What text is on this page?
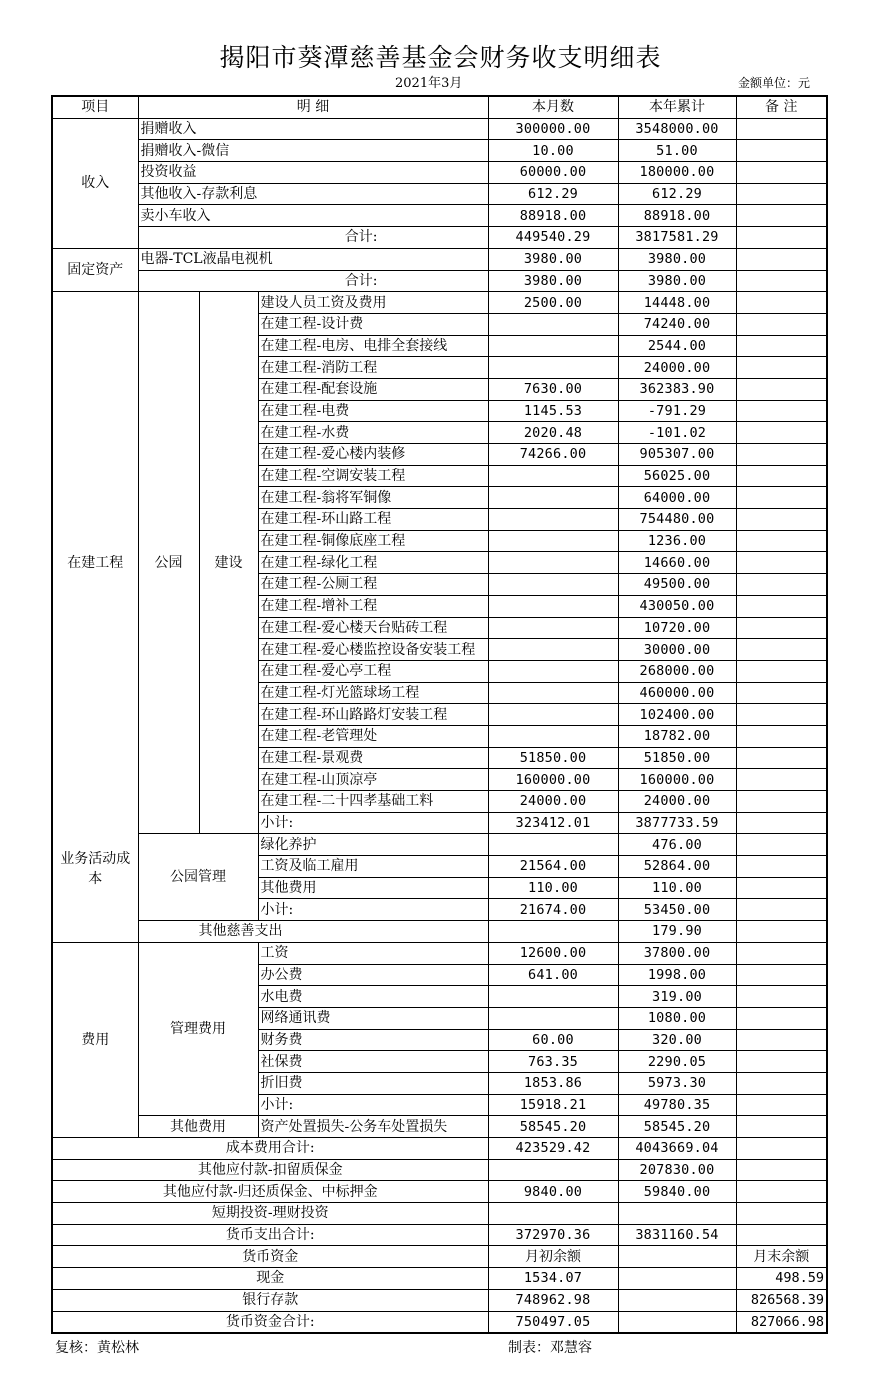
揭阳市葵潭慈善基金会财务收支明细表
2021年3月	金额单位：元
项目	明 细			本月数	本年累计	备 注
收入	捐赠收入			300000.00	3548000.00	
	捐赠收入-微信			10.00	51.00	
	投资收益			60000.00	180000.00	
	其他收入-存款利息			612.29	612.29	
	卖小车收入			88918.00	88918.00	
	合计:			449540.29	3817581.29	
固定资产	电器-TCL液晶电视机			3980.00	3980.00	
	合计:			3980.00	3980.00	
在建工程	公园	建设	建设人员工资及费用	2500.00	14448.00	
			在建工程-设计费		74240.00	
			在建工程-电房、电排全套接线		2544.00	
			在建工程-消防工程		24000.00	
			在建工程-配套设施	7630.00	362383.90	
			在建工程-电费	1145.53	-791.29	
			在建工程-水费	2020.48	-101.02	
			在建工程-爱心楼内装修	74266.00	905307.00	
			在建工程-空调安装工程		56025.00	
			在建工程-翁将军铜像		64000.00	
			在建工程-环山路工程		754480.00	
			在建工程-铜像底座工程		1236.00	
			在建工程-绿化工程		14660.00	
			在建工程-公厕工程		49500.00	
			在建工程-增补工程		430050.00	
			在建工程-爱心楼天台贴砖工程		10720.00	
			在建工程-爱心楼监控设备安装工程		30000.00	
			在建工程-爱心亭工程		268000.00	
			在建工程-灯光篮球场工程		460000.00	
			在建工程-环山路路灯安装工程		102400.00	
			在建工程-老管理处		18782.00	
			在建工程-景观费	51850.00	51850.00	
			在建工程-山顶凉亭	160000.00	160000.00	
			在建工程-二十四孝基础工料	24000.00	24000.00	
			小计:	323412.01	3877733.59	
业务活动成本	公园管理		绿化养护		476.00	
			工资及临工雇用	21564.00	52864.00	
			其他费用	110.00	110.00	
			小计:	21674.00	53450.00	
	其他慈善支出				179.90	
费用	管理费用		工资	12600.00	37800.00	
			办公费	641.00	1998.00	
			水电费		319.00	
			网络通讯费		1080.00	
			财务费	60.00	320.00	
			社保费	763.35	2290.05	
			折旧费	1853.86	5973.30	
			小计:	15918.21	49780.35	
	其他费用		资产处置损失-公务车处置损失	58545.20	58545.20	
成本费用合计:				423529.42	4043669.04	
其他应付款-扣留质保金					207830.00	
其他应付款-归还质保金、中标押金				9840.00	59840.00	
短期投资-理财投资						
货币支出合计:				372970.36	3831160.54	
货币资金				月初余额		月末余额
现金				1534.07		498.59
银行存款				748962.98		826568.39
货币资金合计:				750497.05		827066.98
复核：黄松林	制表：邓慧容
